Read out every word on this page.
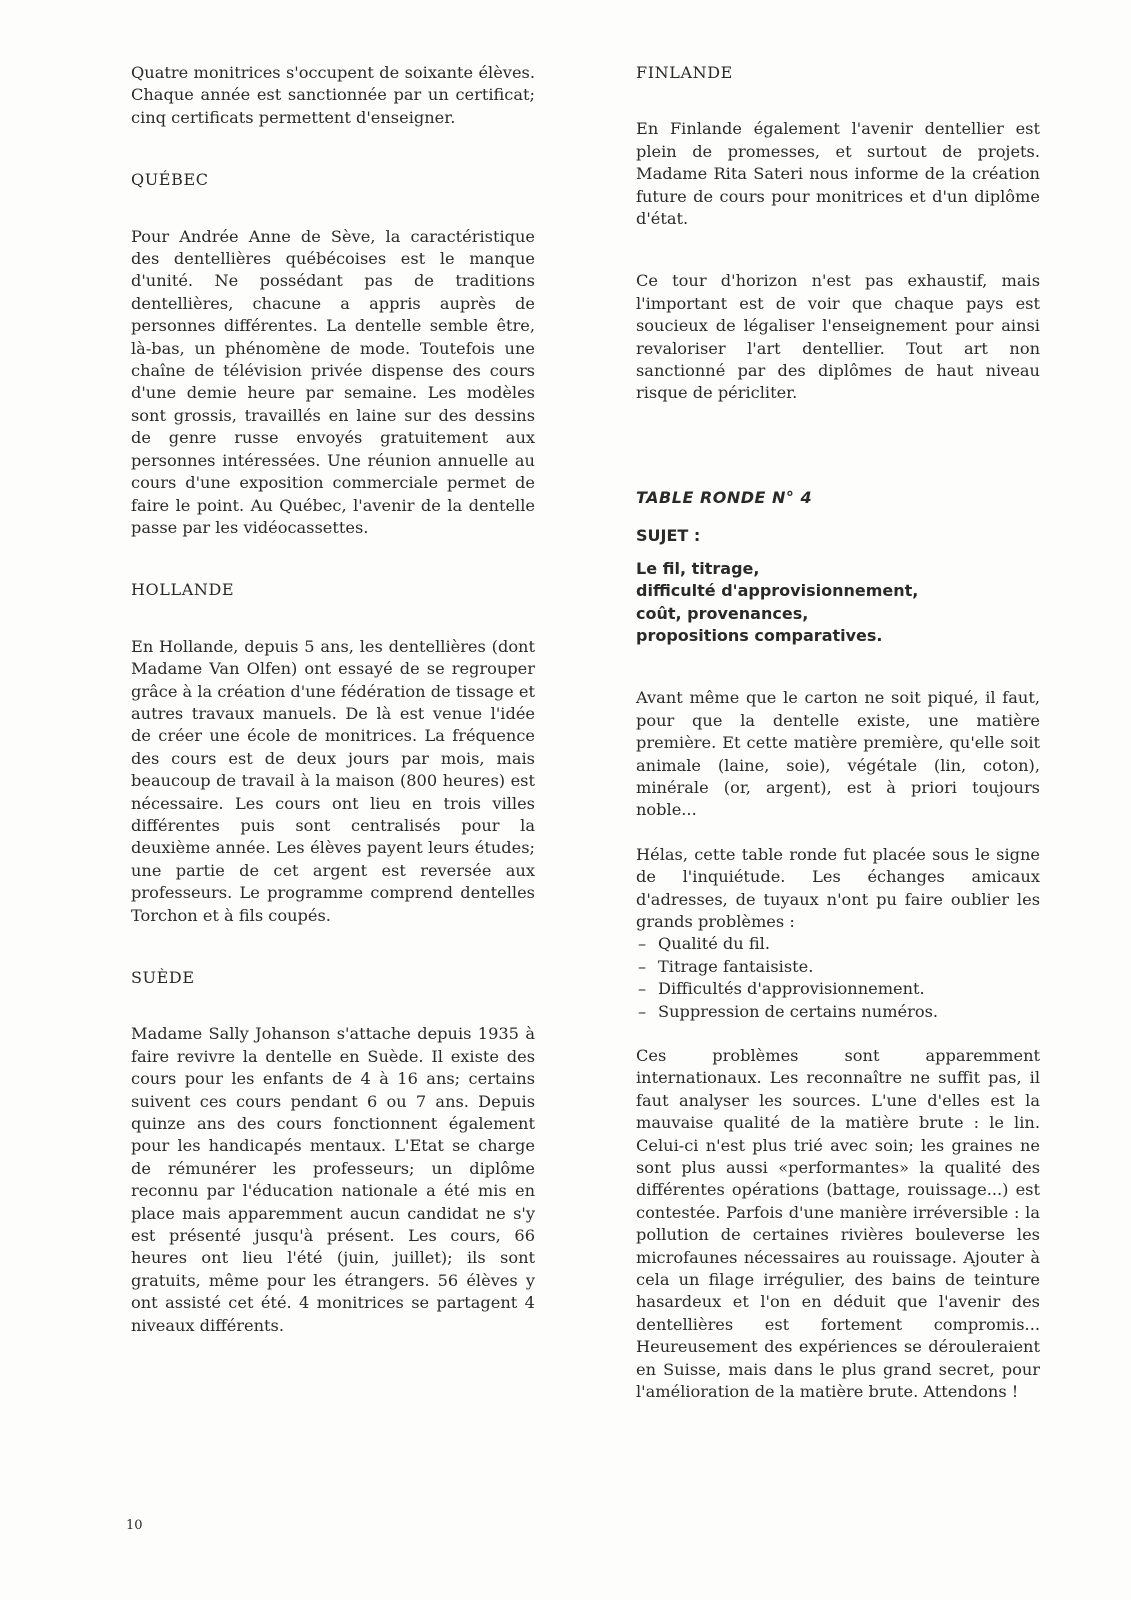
Quatre monitrices s'occupent de soixante élèves. Chaque année est sanctionnée par un certificat; cinq certificats permettent d'enseigner.

QUÉBEC

Pour Andrée Anne de Sève, la caractéristique des dentellières québécoises est le manque d'unité. Ne possédant pas de traditions dentellières, chacune a appris auprès de personnes différentes. La dentelle semble être, là-bas, un phénomène de mode. Toutefois une chaîne de télévision privée dispense des cours d'une demie heure par semaine. Les modèles sont grossis, travaillés en laine sur des dessins de genre russe envoyés gratuitement aux personnes intéressées. Une réunion annuelle au cours d'une exposition commerciale permet de faire le point. Au Québec, l'avenir de la dentelle passe par les vidéocassettes.

HOLLANDE

En Hollande, depuis 5 ans, les dentellières (dont Madame Van Olfen) ont essayé de se regrouper grâce à la création d'une fédération de tissage et autres travaux manuels. De là est venue l'idée de créer une école de monitrices. La fréquence des cours est de deux jours par mois, mais beaucoup de travail à la maison (800 heures) est nécessaire. Les cours ont lieu en trois villes différentes puis sont centralisés pour la deuxième année. Les élèves payent leurs études; une partie de cet argent est reversée aux professeurs. Le programme comprend dentelles Torchon et à fils coupés.

SUÈDE

Madame Sally Johanson s'attache depuis 1935 à faire revivre la dentelle en Suède. Il existe des cours pour les enfants de 4 à 16 ans; certains suivent ces cours pendant 6 ou 7 ans. Depuis quinze ans des cours fonctionnent également pour les handicapés mentaux. L'Etat se charge de rémunérer les professeurs; un diplôme reconnu par l'éducation nationale a été mis en place mais apparemment aucun candidat ne s'y est présenté jusqu'à présent. Les cours, 66 heures ont lieu l'été (juin, juillet); ils sont gratuits, même pour les étrangers. 56 élèves y ont assisté cet été. 4 monitrices se partagent 4 niveaux différents.

FINLANDE

En Finlande également l'avenir dentellier est plein de promesses, et surtout de projets. Madame Rita Sateri nous informe de la création future de cours pour monitrices et d'un diplôme d'état.

Ce tour d'horizon n'est pas exhaustif, mais l'important est de voir que chaque pays est soucieux de légaliser l'enseignement pour ainsi revaloriser l'art dentellier. Tout art non sanctionné par des diplômes de haut niveau risque de péricliter.

TABLE RONDE N° 4

SUJET :

Le fil, titrage,

difficulté d'approvisionnement,

coût, provenances,

propositions comparatives.

Avant même que le carton ne soit piqué, il faut, pour que la dentelle existe, une matière première. Et cette matière première, qu'elle soit animale (laine, soie), végétale (lin, coton), minérale (or, argent), est à priori toujours noble...

Hélas, cette table ronde fut placée sous le signe de l'inquiétude. Les échanges amicaux d'adresses, de tuyaux n'ont pu faire oublier les grands problèmes :

– Qualité du fil.
– Titrage fantaisiste.
– Difficultés d'approvisionnement.
– Suppression de certains numéros.

Ces problèmes sont apparemment internationaux. Les reconnaître ne suffit pas, il faut analyser les sources. L'une d'elles est la mauvaise qualité de la matière brute : le lin. Celui-ci n'est plus trié avec soin; les graines ne sont plus aussi «performantes» la qualité des différentes opérations (battage, rouissage...) est contestée. Parfois d'une manière irréversible : la pollution de certaines rivières bouleverse les microfaunes nécessaires au rouissage. Ajouter à cela un filage irrégulier, des bains de teinture hasardeux et l'on en déduit que l'avenir des dentellières est fortement compromis... Heureusement des expériences se dérouleraient en Suisse, mais dans le plus grand secret, pour l'amélioration de la matière brute. Attendons !

10
